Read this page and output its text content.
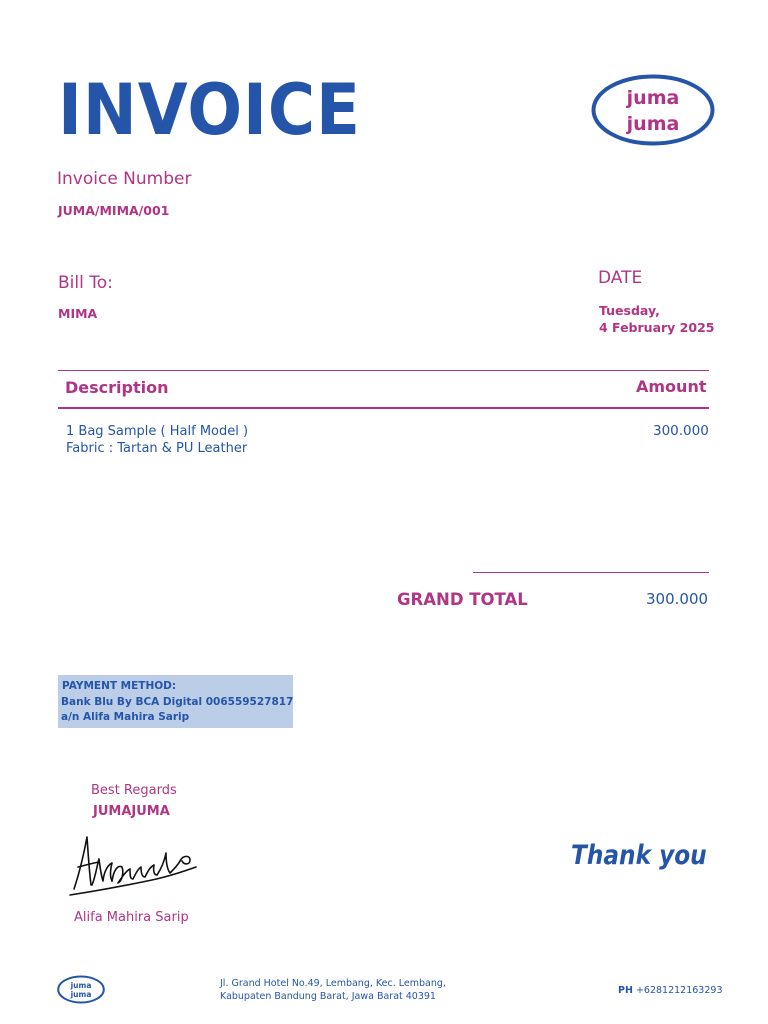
INVOICE	juma
juma
Invoice Number
JUMA/MIMA/001
Bill To:
MIMA
DATE
Tuesday,
4 February 2025
Description	Amount
1 Bag Sample ( Half Model )
Fabric : Tartan & PU Leather
300.000
GRAND TOTAL	300.000
PAYMENT METHOD:
Bank Blu By BCA Digital 006559527817
a/n Alifa Mahira Sarip
Best Regards
JUMAJUMA
Alifa Mahira Sarip
Thank you
juma
juma
Jl. Grand Hotel No.49, Lembang, Kec. Lembang,
Kabupaten Bandung Barat, Jawa Barat 40391
PH +6281212163293
